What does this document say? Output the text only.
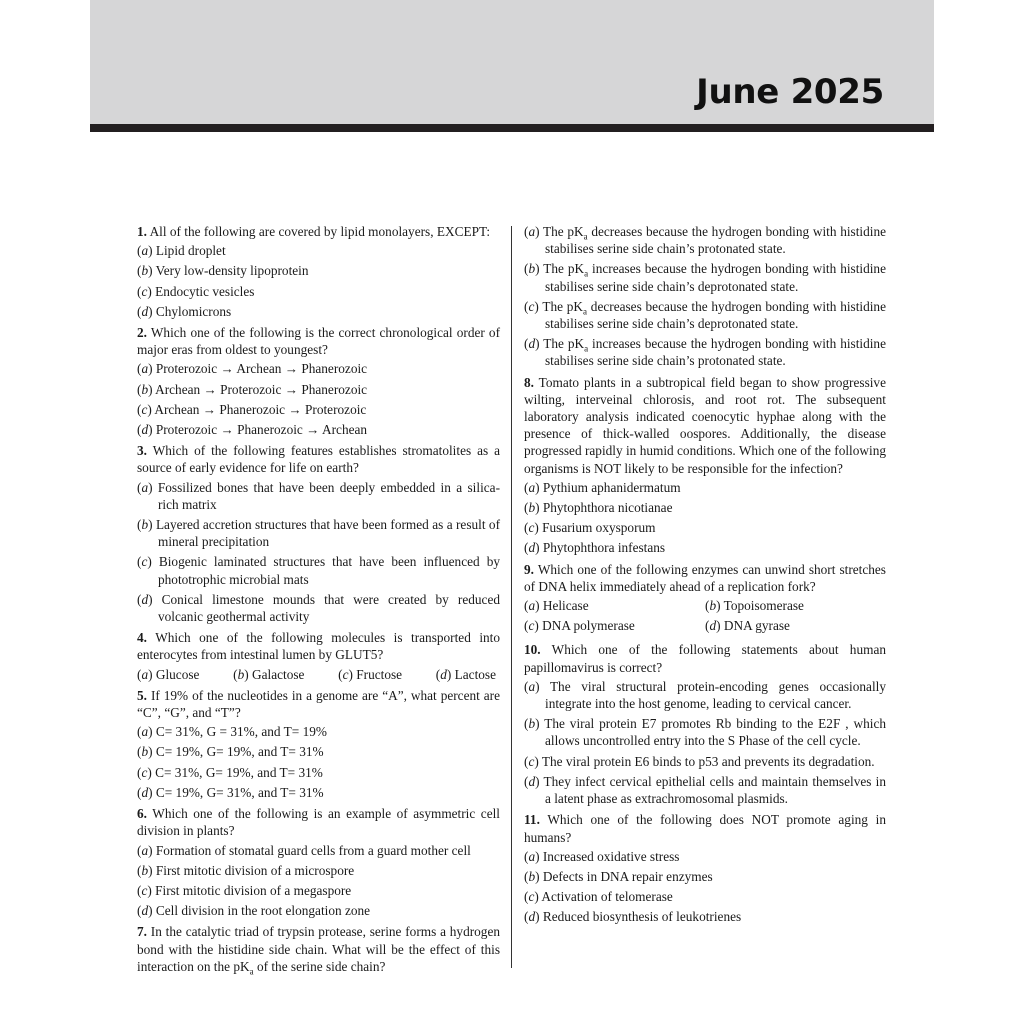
June 2025
1. All of the following are covered by lipid monolayers, EXCEPT:
(a) Lipid droplet
(b) Very low-density lipoprotein
(c) Endocytic vesicles
(d) Chylomicrons
2. Which one of the following is the correct chronological order of major eras from oldest to youngest?
(a) Proterozoic → Archean → Phanerozoic
(b) Archean → Proterozoic → Phanerozoic
(c) Archean → Phanerozoic → Proterozoic
(d) Proterozoic → Phanerozoic → Archean
3. Which of the following features establishes stromatolites as a source of early evidence for life on earth?
(a) Fossilized bones that have been deeply embedded in a silica-rich matrix
(b) Layered accretion structures that have been formed as a result of mineral precipitation
(c) Biogenic laminated structures that have been influenced by phototrophic microbial mats
(d) Conical limestone mounds that were created by reduced volcanic geothermal activity
4. Which one of the following molecules is transported into enterocytes from intestinal lumen by GLUT5?
(a) Glucose	(b) Galactose	(c) Fructose	(d) Lactose
5. If 19% of the nucleotides in a genome are “A”, what percent are “C”, “G”, and “T”?
(a) C= 31%, G = 31%, and T= 19%
(b) C= 19%, G= 19%, and T= 31%
(c) C= 31%, G= 19%, and T= 31%
(d) C= 19%, G= 31%, and T= 31%
6. Which one of the following is an example of asymmetric cell division in plants?
(a) Formation of stomatal guard cells from a guard mother cell
(b) First mitotic division of a microspore
(c) First mitotic division of a megaspore
(d) Cell division in the root elongation zone
7. In the catalytic triad of trypsin protease, serine forms a hydrogen bond with the histidine side chain. What will be the effect of this interaction on the $pK_a$ of the serine side chain?
(a) The $pK_a$ decreases because the hydrogen bonding with histidine stabilises serine side chain’s protonated state.
(b) The $pK_a$ increases because the hydrogen bonding with histidine stabilises serine side chain’s deprotonated state.
(c) The $pK_a$ decreases because the hydrogen bonding with histidine stabilises serine side chain’s deprotonated state.
(d) The $pK_a$ increases because the hydrogen bonding with histidine stabilises serine side chain’s protonated state.
8. Tomato plants in a subtropical field began to show progressive wilting, interveinal chlorosis, and root rot. The subsequent laboratory analysis indicated coenocytic hyphae along with the presence of thick-walled oospores. Additionally, the disease progressed rapidly in humid conditions. Which one of the following organisms is NOT likely to be responsible for the infection?
(a) Pythium aphanidermatum
(b) Phytophthora nicotianae
(c) Fusarium oxysporum
(d) Phytophthora infestans
9. Which one of the following enzymes can unwind short stretches of DNA helix immediately ahead of a replication fork?
(a) Helicase	(b) Topoisomerase
(c) DNA polymerase	(d) DNA gyrase
10. Which one of the following statements about human papillomavirus is correct?
(a) The viral structural protein-encoding genes occasionally integrate into the host genome, leading to cervical cancer.
(b) The viral protein E7 promotes Rb binding to the E2F , which allows uncontrolled entry into the S Phase of the cell cycle.
(c) The viral protein E6 binds to p53 and prevents its degradation.
(d) They infect cervical epithelial cells and maintain themselves in a latent phase as extrachromosomal plasmids.
11. Which one of the following does NOT promote aging in humans?
(a) Increased oxidative stress
(b) Defects in DNA repair enzymes
(c) Activation of telomerase
(d) Reduced biosynthesis of leukotrienes
